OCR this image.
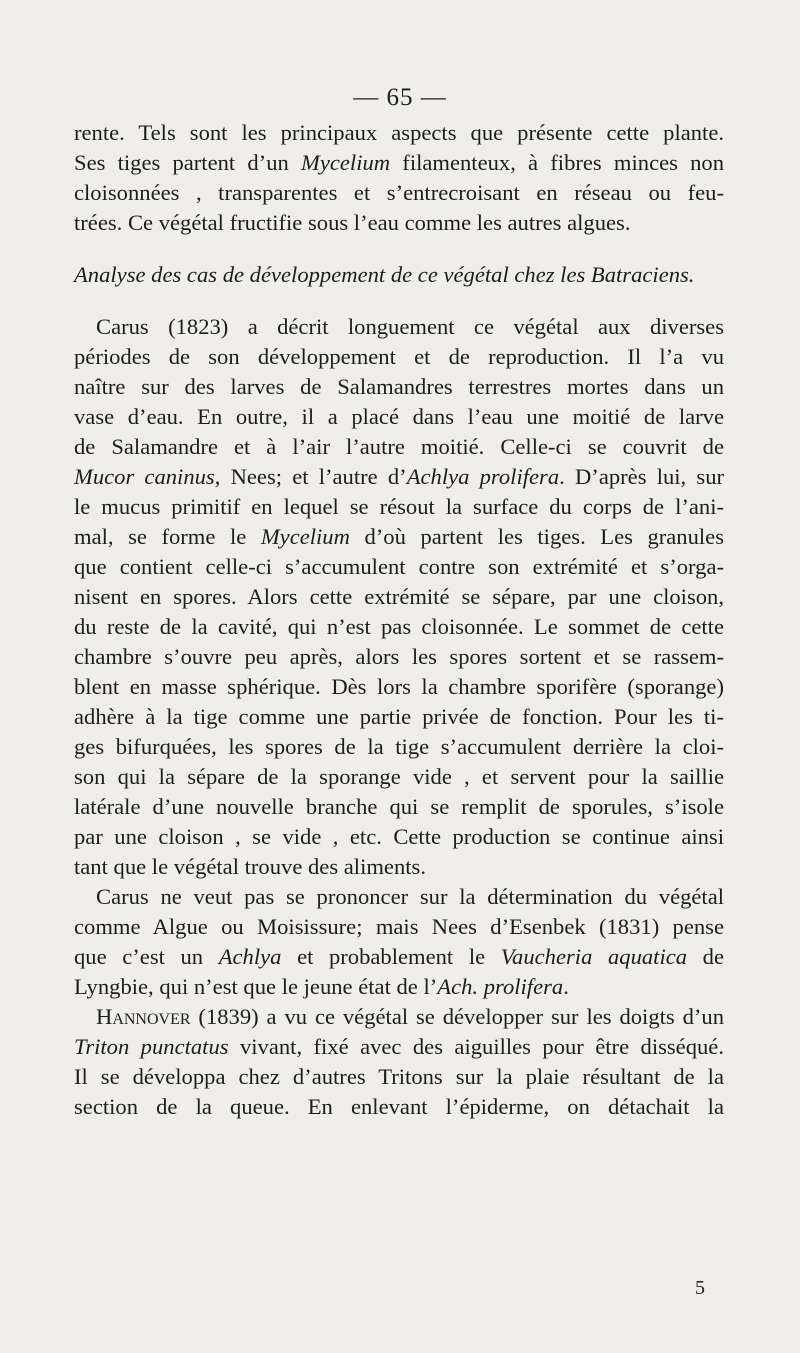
— 65 —
rente. Tels sont les principaux aspects que présente cette plante.
Ses tiges partent d’un Mycelium filamenteux, à fibres minces non
cloisonnées , transparentes et s’entrecroisant en réseau ou feu-
trées. Ce végétal fructifie sous l’eau comme les autres algues.
Analyse des cas de développement de ce végétal chez les Batraciens.
Carus (1823) a décrit longuement ce végétal aux diverses
périodes de son développement et de reproduction. Il l’a vu
naître sur des larves de Salamandres terrestres mortes dans un
vase d’eau. En outre, il a placé dans l’eau une moitié de larve
de Salamandre et à l’air l’autre moitié. Celle-ci se couvrit de
Mucor caninus, Nees; et l’autre d’Achlya prolifera. D’après lui, sur
le mucus primitif en lequel se résout la surface du corps de l’ani-
mal, se forme le Mycelium d’où partent les tiges. Les granules
que contient celle-ci s’accumulent contre son extrémité et s’orga-
nisent en spores. Alors cette extrémité se sépare, par une cloison,
du reste de la cavité, qui n’est pas cloisonnée. Le sommet de cette
chambre s’ouvre peu après, alors les spores sortent et se rassem-
blent en masse sphérique. Dès lors la chambre sporifère (sporange)
adhère à la tige comme une partie privée de fonction. Pour les ti-
ges bifurquées, les spores de la tige s’accumulent derrière la cloi-
son qui la sépare de la sporange vide , et servent pour la saillie
latérale d’une nouvelle branche qui se remplit de sporules, s’isole
par une cloison , se vide , etc. Cette production se continue ainsi
tant que le végétal trouve des aliments.
Carus ne veut pas se prononcer sur la détermination du végétal
comme Algue ou Moisissure; mais Nees d’Esenbek (1831) pense
que c’est un Achlya et probablement le Vaucheria aquatica de
Lyngbie, qui n’est que le jeune état de l’Ach. prolifera.
Hannover (1839) a vu ce végétal se développer sur les doigts d’un
Triton punctatus vivant, fixé avec des aiguilles pour être disséqué.
Il se développa chez d’autres Tritons sur la plaie résultant de la
section de la queue. En enlevant l’épiderme, on détachait la
5
